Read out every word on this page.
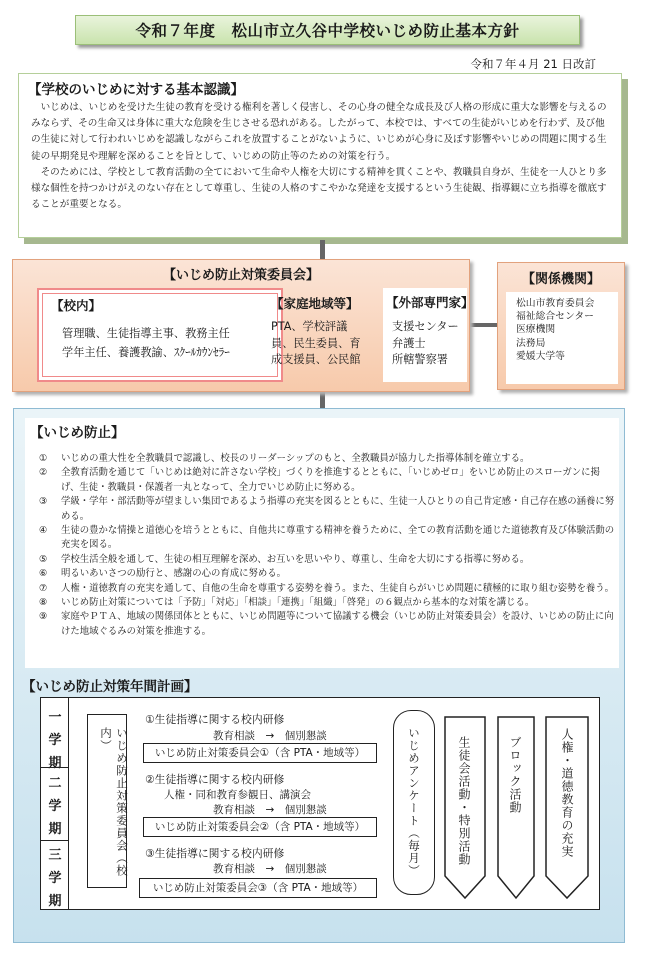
令和７年度　松山市立久谷中学校いじめ防止基本方針
令和７年４月 21 日改訂
【学校のいじめに対する基本認識】

いじめは、いじめを受けた生徒の教育を受ける権利を著しく侵害し、その心身の健全な成長及び人格の形成に重大な影響を与えるのみならず、その生命又は身体に重大な危険を生じさせる恐れがある。したがって、本校では、すべての生徒がいじめを行わず、及び他の生徒に対して行われいじめを認識しながらこれを放置することがないように、いじめが心身に及ぼす影響やいじめの問題に関する生徒の早期発見や理解を深めることを旨として、いじめの防止等のための対策を行う。

そのためには、学校として教育活動の全てにおいて生命や人権を大切にする精神を貫くことや、教職員自身が、生徒を一人ひとり多様な個性を持つかけがえのない存在として尊重し、生徒の人格のすこやかな発達を支援するという生徒観、指導観に立ち指導を徹底することが重要となる。

【いじめ防止対策委員会】
【校内】
管理職、生徒指導主事、教務主任
学年主任、養護教諭、ｽｸｰﾙｶｳﾝｾﾗｰ
【家庭地域等】
PTA、学校評議
員、民生委員、育
成支援員、公民館
【外部専門家】
支援センター
弁護士
所轄警察署
【関係機関】
松山市教育委員会
福祉総合センター
医療機関
法務局
愛媛大学等
【いじめ防止】
①	いじめの重大性を全教職員で認識し、校長のリーダーシップのもと、全教職員が協力した指導体制を確立する。
②	全教育活動を通じて「いじめは絶対に許さない学校」づくりを推進するとともに、「いじめゼロ」をいじめ防止のスローガンに掲げ、生徒・教職員・保護者一丸となって、全力でいじめ防止に努める。
③	学級・学年・部活動等が望ましい集団であるよう指導の充実を図るとともに、生徒一人ひとりの自己肯定感・自己存在感の涵養に努める。
④	生徒の豊かな情操と道徳心を培うとともに、自他共に尊重する精神を養うために、全ての教育活動を通じた道徳教育及び体験活動の充実を図る。
⑤	学校生活全般を通して、生徒の相互理解を深め、お互いを思いやり、尊重し、生命を大切にする指導に努める。
⑥	明るいあいさつの励行と、感謝の心の育成に努める。
⑦	人権・道徳教育の充実を通して、自他の生命を尊重する姿勢を養う。また、生徒自らがいじめ問題に積極的に取り組む姿勢を養う。
⑧	いじめ防止対策については「予防」「対応」「相談」「連携」「組織」「啓発」の６観点から基本的な対策を講じる。
⑨	家庭やＰＴＡ、地域の関係団体とともに、いじめ問題等について協議する機会（いじめ防止対策委員会）を設け、いじめの防止に向けた地域ぐるみの対策を推進する。
【いじめ防止対策年間計画】
一
学
期
二
学
期
三
学
期
いじめ防止対策委員会（校内）
①生徒指導に関する校内研修
教育相談　→　個別懇談
いじめ防止対策委員会①（含 PTA・地域等）
②生徒指導に関する校内研修
人権・同和教育参観日、講演会
教育相談　→　個別懇談
いじめ防止対策委員会②（含 PTA・地域等）
③生徒指導に関する校内研修
教育相談　→　個別懇談
いじめ防止対策委員会③（含 PTA・地域等）
いじめアンケート（毎月）	生徒会活動・特別活動	ブロック活動	人権・道徳教育の充実
